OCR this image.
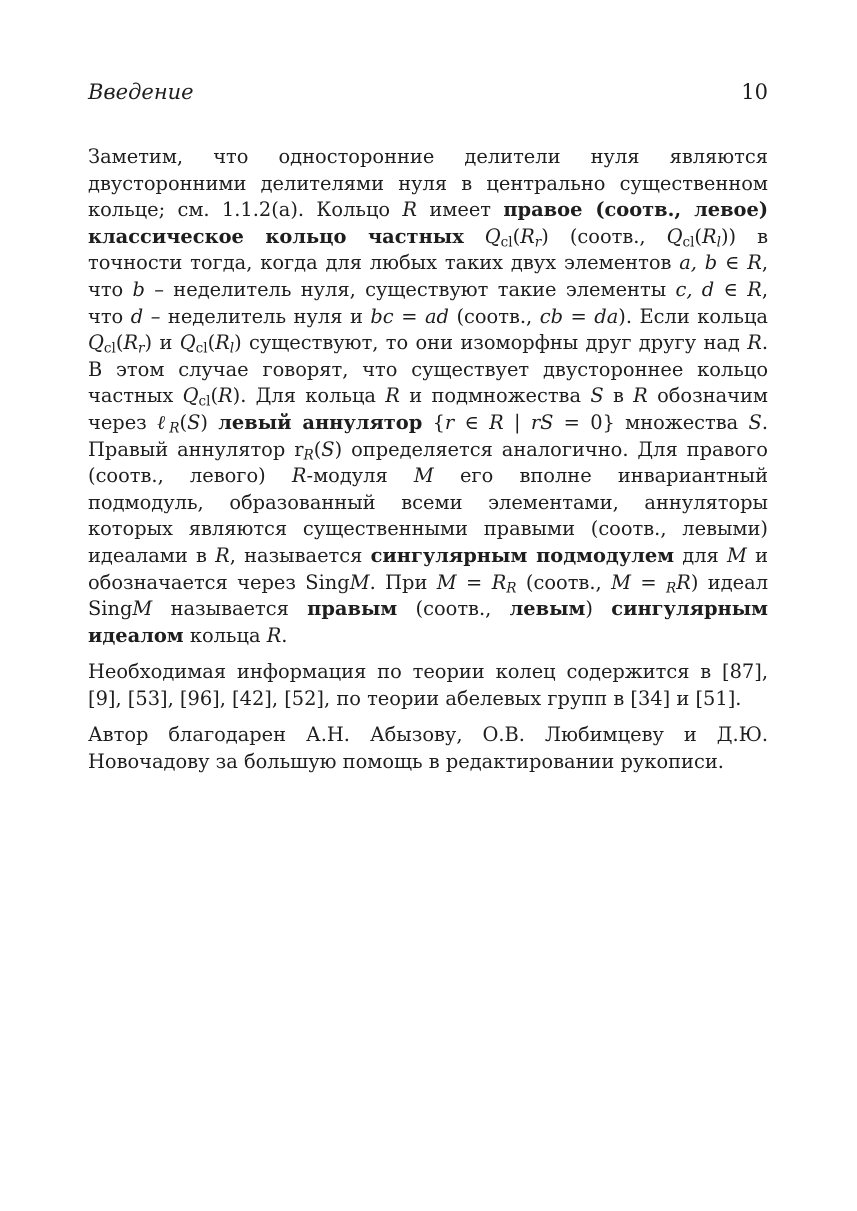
Введение	10

Заметим, что односторонние делители нуля являются двусторонними делителями нуля в центрально существенном кольце; см. 1.1.2(a). Кольцо R имеет правое (соотв., левое) классическое кольцо частных $Q_{cl}(R_r)$ (соотв., $Q_{cl}(R_l)$) в точности тогда, когда для любых таких двух элементов a, b ∈ R, что b – неделитель нуля, существуют такие элементы c, d ∈ R, что d – неделитель нуля и bc = ad (соотв., cb = da). Если кольца $Q_{cl}(R_r)$ и $Q_{cl}(R_l)$ существуют, то они изоморфны друг другу над R. В этом случае говорят, что существует двустороннее кольцо частных $Q_{cl}(R)$. Для кольца R и подмножества S в R обозначим через ℓ$_R$(S) левый аннулятор {r ∈ R | rS = 0} множества S. Правый аннулятор $r_R(S)$ определяется аналогично. Для правого (соотв., левого) R-модуля M его вполне инвариантный подмодуль, образованный всеми элементами, аннуляторы которых являются существенными правыми (соотв., левыми) идеалами в R, называется сингулярным подмодулем для M и обозначается через SingM. При $M = R_R$ (соотв., M = $_R$R) идеал SingM называется правым (соотв., левым) сингулярным идеалом кольца R.

Необходимая информация по теории колец содержится в [87], [9], [53], [96], [42], [52], по теории абелевых групп в [34] и [51].

Автор благодарен А.Н. Абызову, О.В. Любимцеву и Д.Ю. Новочадову за большую помощь в редактировании рукописи.
